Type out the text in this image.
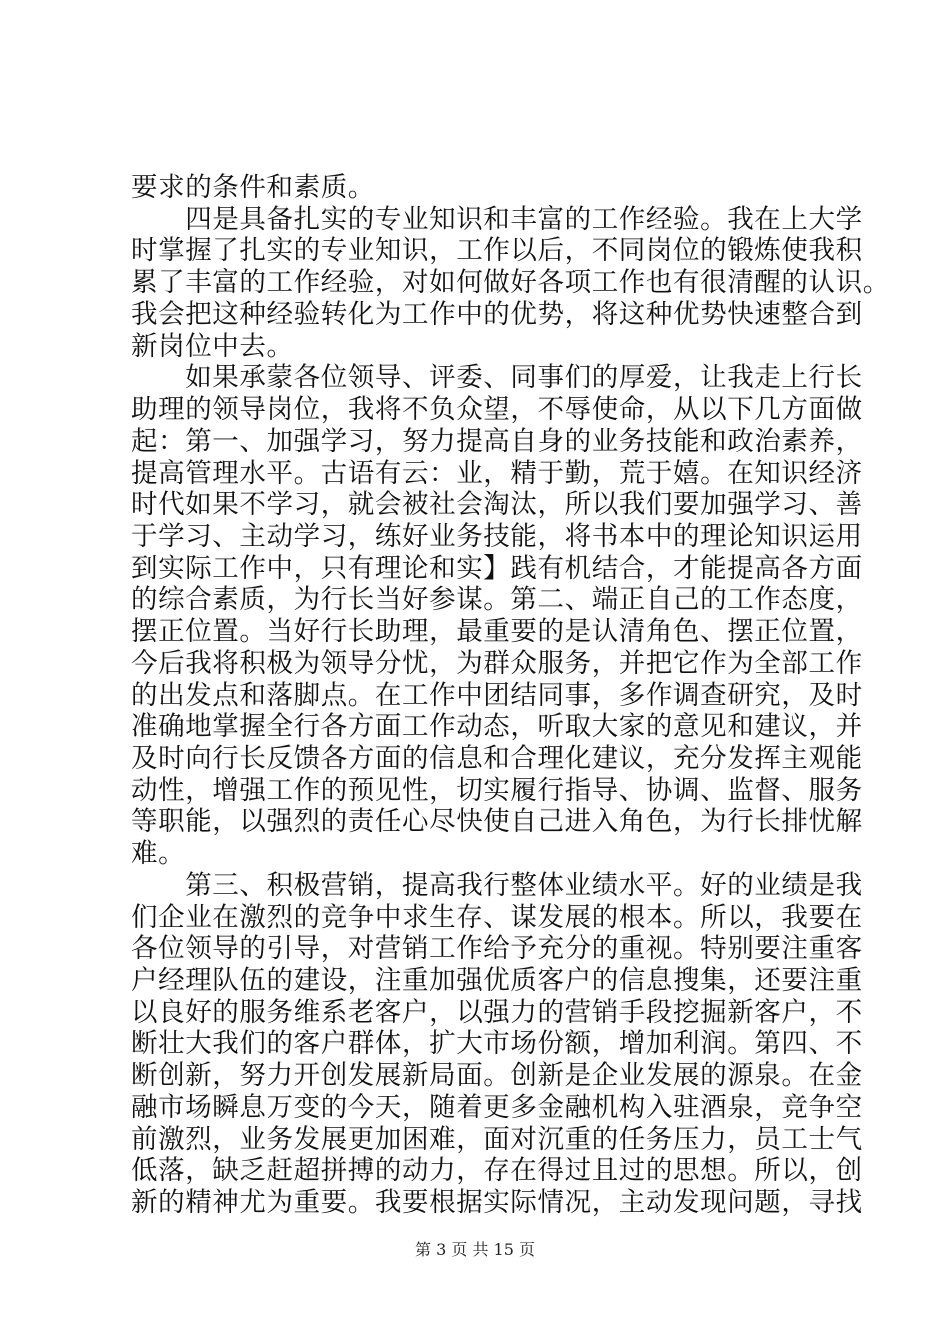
要求的条件和素质。
　　四是具备扎实的专业知识和丰富的工作经验。我在上大学
时掌握了扎实的专业知识，工作以后，不同岗位的锻炼使我积
累了丰富的工作经验，对如何做好各项工作也有很清醒的认识。
我会把这种经验转化为工作中的优势，将这种优势快速整合到
新岗位中去。
　　如果承蒙各位领导、评委、同事们的厚爱，让我走上行长
助理的领导岗位，我将不负众望，不辱使命，从以下几方面做
起：第一、加强学习，努力提高自身的业务技能和政治素养，
提高管理水平。古语有云：业，精于勤，荒于嬉。在知识经济
时代如果不学习，就会被社会淘汰，所以我们要加强学习、善
于学习、主动学习，练好业务技能，将书本中的理论知识运用
到实际工作中，只有理论和实】践有机结合，才能提高各方面
的综合素质，为行长当好参谋。第二、端正自己的工作态度，
摆正位置。当好行长助理，最重要的是认清角色、摆正位置，
今后我将积极为领导分忧，为群众服务，并把它作为全部工作
的出发点和落脚点。在工作中团结同事，多作调查研究，及时
准确地掌握全行各方面工作动态，听取大家的意见和建议，并
及时向行长反馈各方面的信息和合理化建议，充分发挥主观能
动性，增强工作的预见性，切实履行指导、协调、监督、服务
等职能，以强烈的责任心尽快使自己进入角色，为行长排忧解
难。
　　第三、积极营销，提高我行整体业绩水平。好的业绩是我
们企业在激烈的竞争中求生存、谋发展的根本。所以，我要在
各位领导的引导，对营销工作给予充分的重视。特别要注重客
户经理队伍的建设，注重加强优质客户的信息搜集，还要注重
以良好的服务维系老客户，以强力的营销手段挖掘新客户，不
断壮大我们的客户群体，扩大市场份额，增加利润。第四、不
断创新，努力开创发展新局面。创新是企业发展的源泉。在金
融市场瞬息万变的今天，随着更多金融机构入驻酒泉，竞争空
前激烈，业务发展更加困难，面对沉重的任务压力，员工士气
低落，缺乏赶超拼搏的动力，存在得过且过的思想。所以，创
新的精神尤为重要。我要根据实际情况，主动发现问题，寻找
第 3 页 共 15 页
